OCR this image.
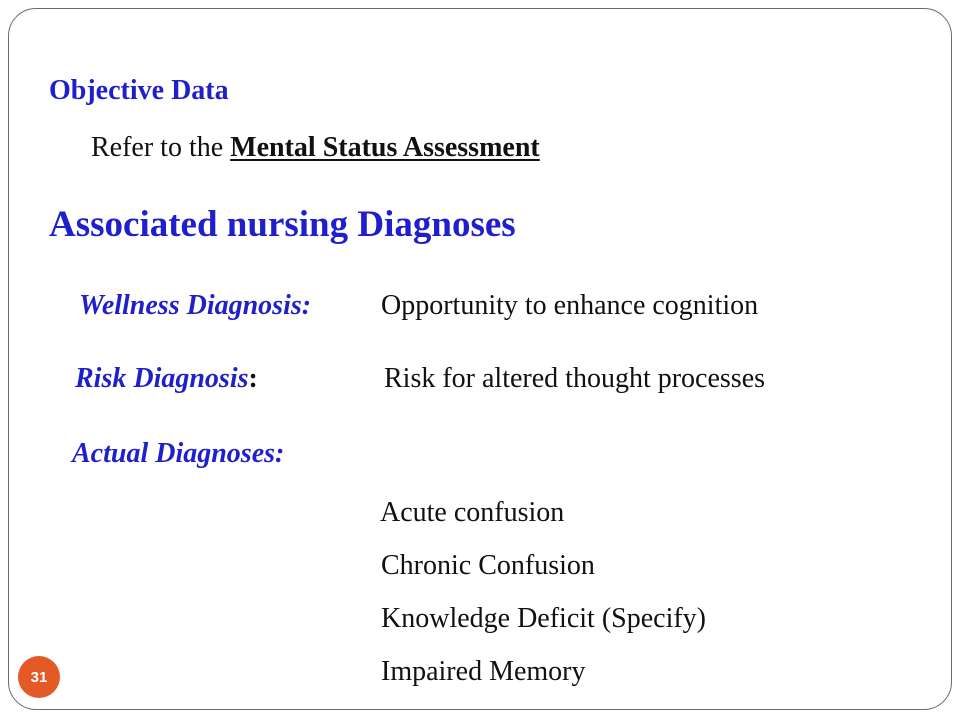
Objective Data
Refer to the Mental Status Assessment
Associated nursing Diagnoses
Wellness Diagnosis: Opportunity to enhance cognition
Risk Diagnosis:	Risk for altered thought processes
Actual Diagnoses:
Acute confusion
Chronic Confusion
Knowledge Deficit (Specify)
Impaired Memory
31
